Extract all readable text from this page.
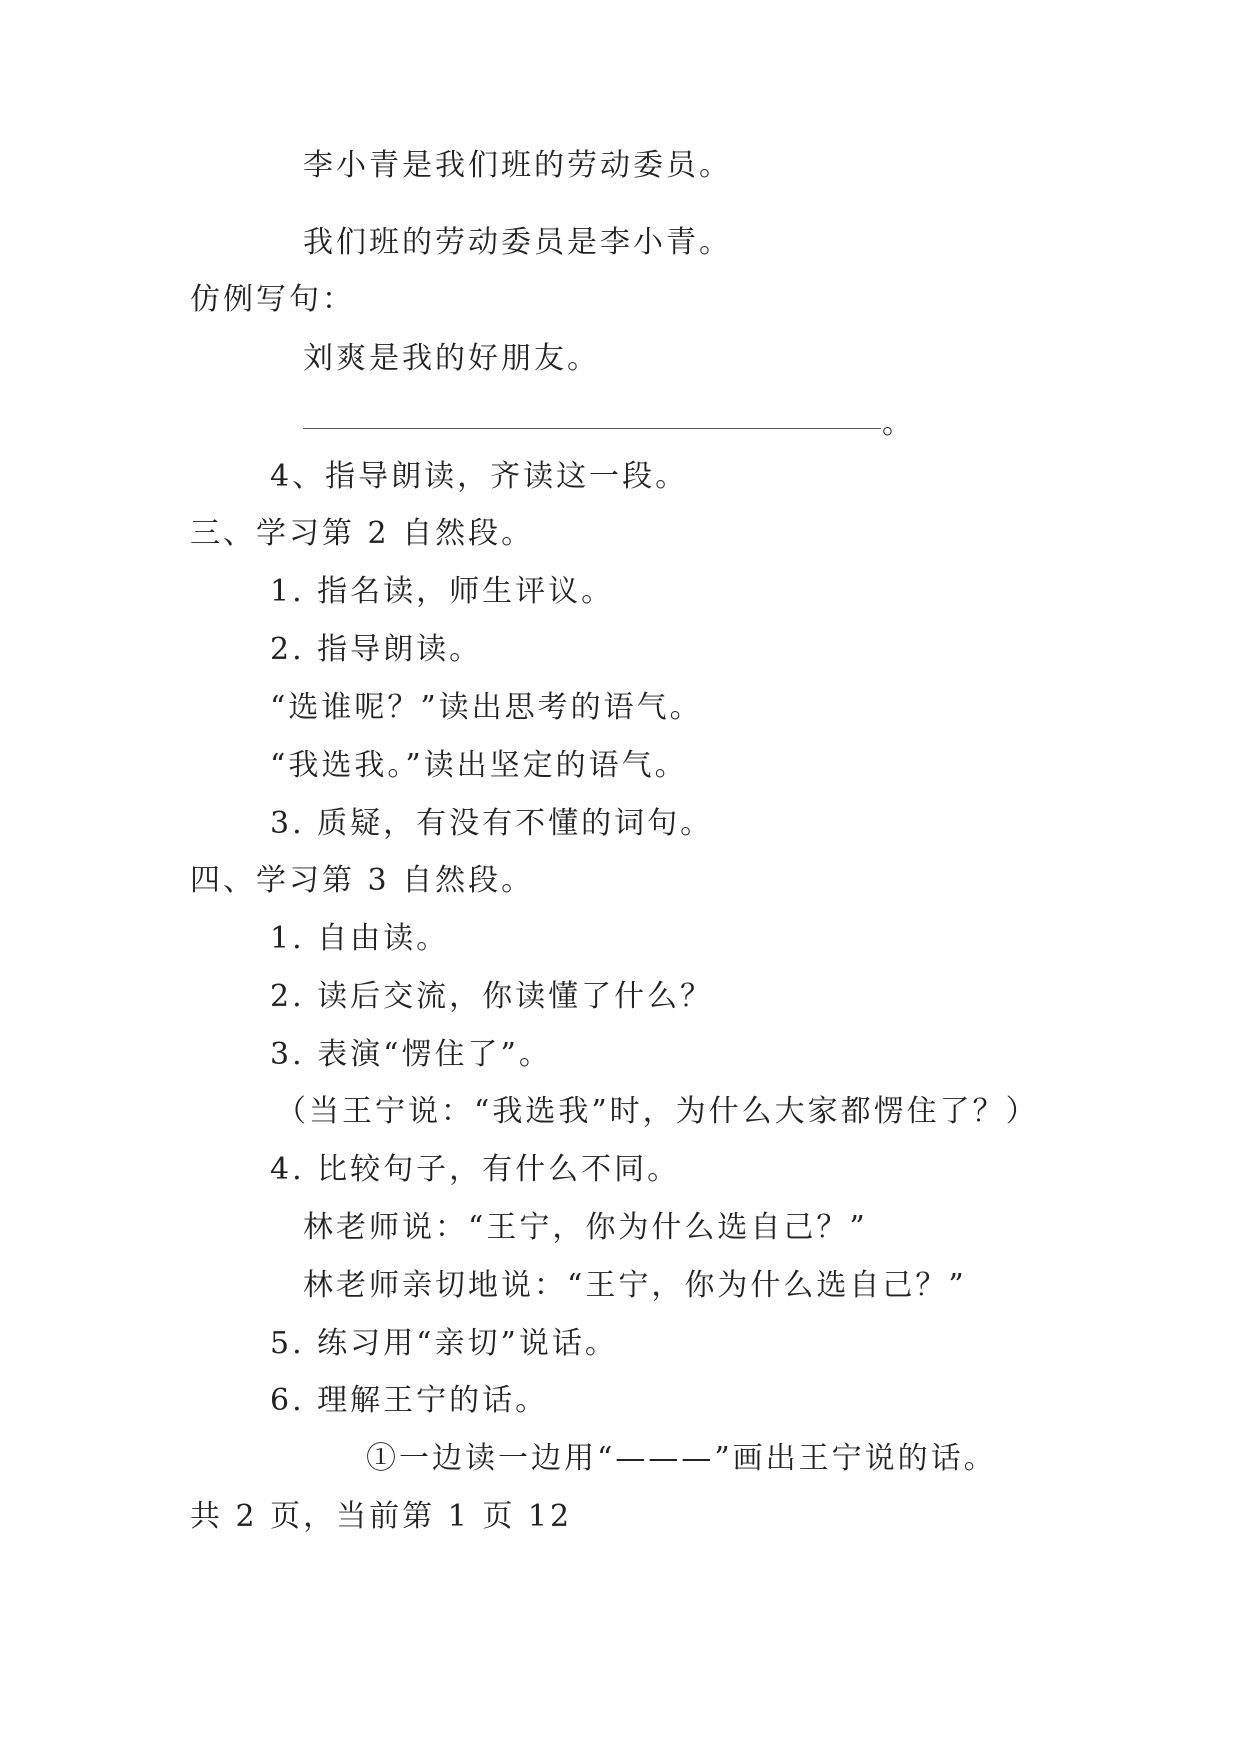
李小青是我们班的劳动委员。
我们班的劳动委员是李小青。
仿例写句：
刘爽是我的好朋友。
。
4、指导朗读，齐读这一段。
三、学习第 2 自然段。
1. 指名读，师生评议。
2. 指导朗读。
“选谁呢？”读出思考的语气。
“我选我。”读出坚定的语气。
3. 质疑，有没有不懂的词句。
四、学习第 3 自然段。
1. 自由读。
2. 读后交流，你读懂了什么？
3. 表演“愣住了”。
（当王宁说：“我选我”时，为什么大家都愣住了？）
4. 比较句子，有什么不同。
林老师说：“王宁，你为什么选自己？”
林老师亲切地说：“王宁，你为什么选自己？”
5. 练习用“亲切”说话。
6. 理解王宁的话。
①一边读一边用“———”画出王宁说的话。
共 2 页，当前第 1 页 12
